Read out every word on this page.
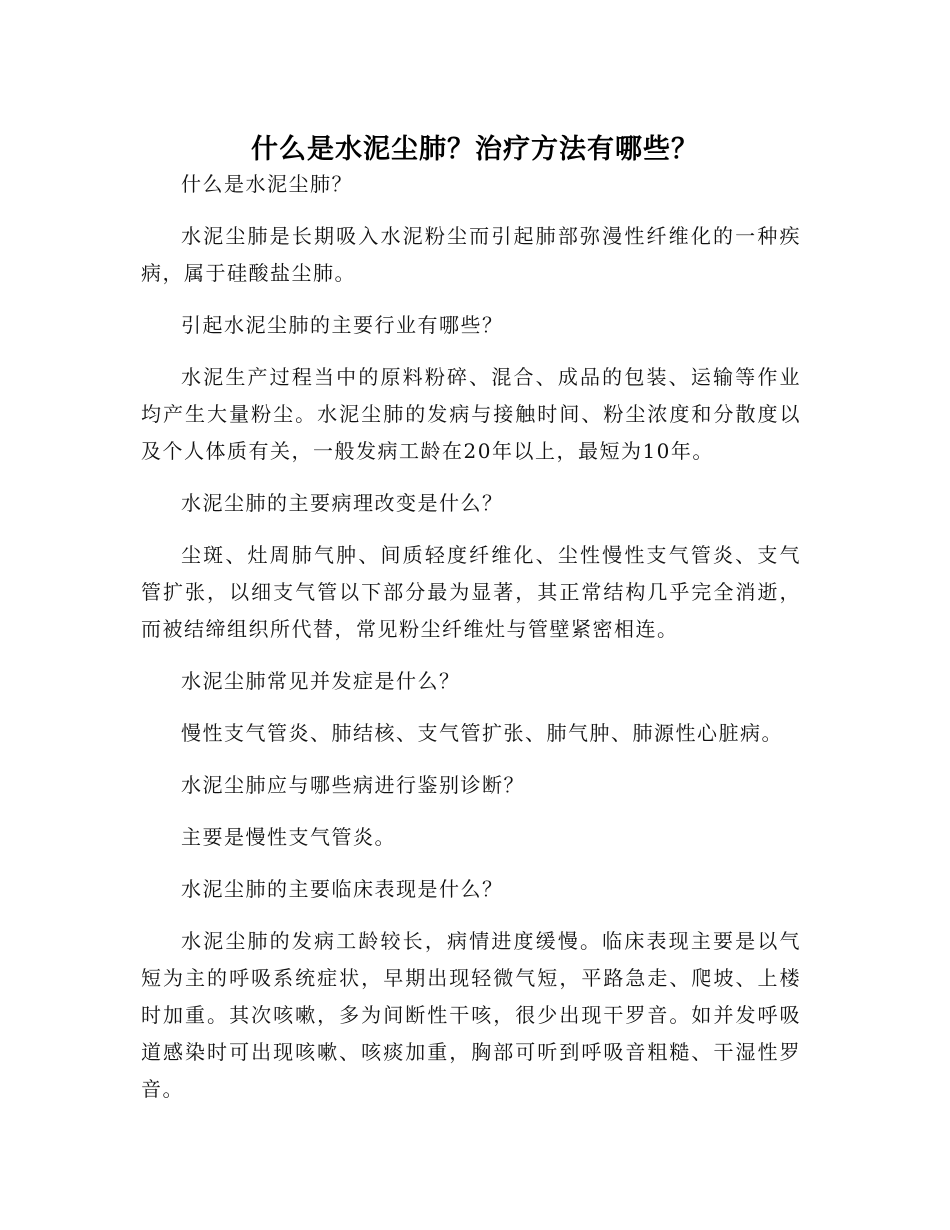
什么是水泥尘肺？治疗方法有哪些？

什么是水泥尘肺？

水泥尘肺是长期吸入水泥粉尘而引起肺部弥漫性纤维化的一种疾病，属于硅酸盐尘肺。

引起水泥尘肺的主要行业有哪些？

水泥生产过程当中的原料粉碎、混合、成品的包装、运输等作业均产生大量粉尘。水泥尘肺的发病与接触时间、粉尘浓度和分散度以及个人体质有关，一般发病工龄在20年以上，最短为10年。

水泥尘肺的主要病理改变是什么？

尘斑、灶周肺气肿、间质轻度纤维化、尘性慢性支气管炎、支气管扩张，以细支气管以下部分最为显著，其正常结构几乎完全消逝，而被结缔组织所代替，常见粉尘纤维灶与管壁紧密相连。

水泥尘肺常见并发症是什么？

慢性支气管炎、肺结核、支气管扩张、肺气肿、肺源性心脏病。

水泥尘肺应与哪些病进行鉴别诊断？

主要是慢性支气管炎。

水泥尘肺的主要临床表现是什么？

水泥尘肺的发病工龄较长，病情进度缓慢。临床表现主要是以气短为主的呼吸系统症状，早期出现轻微气短，平路急走、爬坡、上楼时加重。其次咳嗽，多为间断性干咳，很少出现干罗音。如并发呼吸道感染时可出现咳嗽、咳痰加重，胸部可听到呼吸音粗糙、干湿性罗音。
